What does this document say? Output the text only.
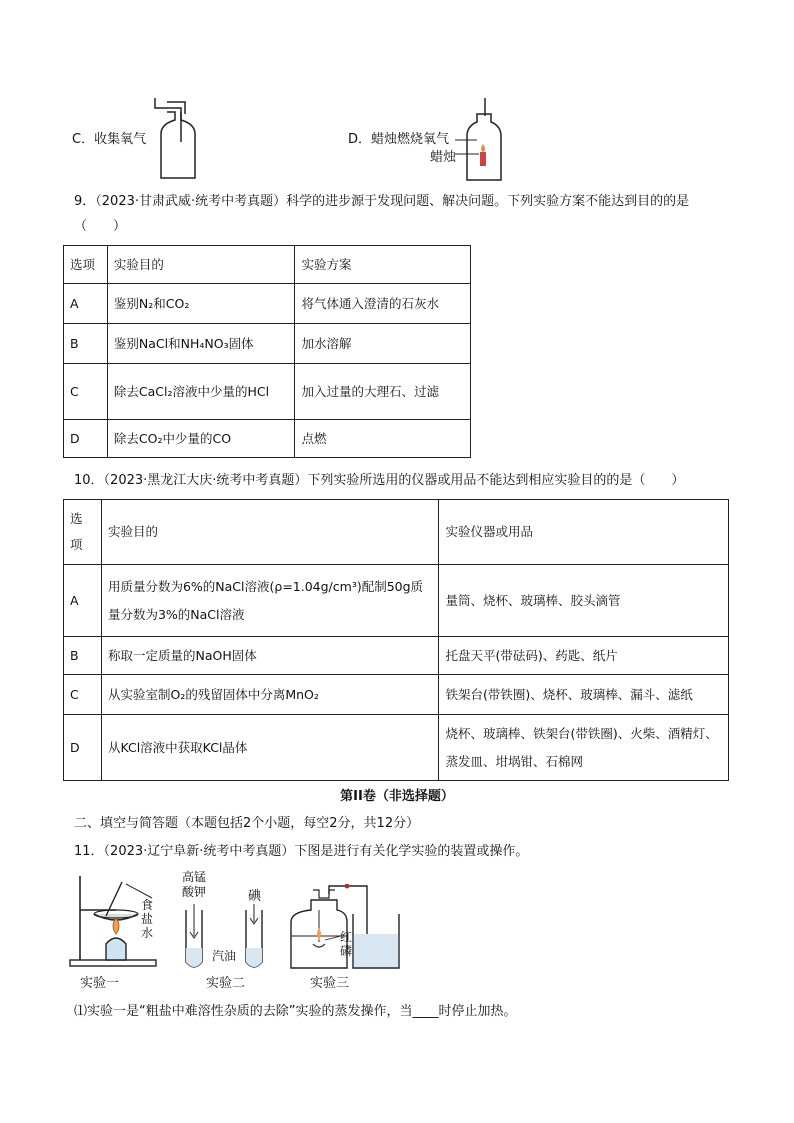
C．收集氧气	D．蜡烛燃烧氧气
蜡烛
9．（2023·甘肃武威·统考中考真题）科学的进步源于发现问题、解决问题。下列实验方案不能达到目的的是
（　　）
选项	实验目的	实验方案
A	鉴别N₂和CO₂	将气体通入澄清的石灰水
B	鉴别NaCl和NH₄NO₃固体	加水溶解
C	除去CaCl₂溶液中少量的HCl	加入过量的大理石、过滤
D	除去CO₂中少量的CO	点燃
10．（2023·黑龙江大庆·统考中考真题）下列实验所选用的仪器或用品不能达到相应实验目的的是（　　）
选项	实验目的	实验仪器或用品
A	用质量分数为6%的NaCl溶液(ρ=1.04g/cm³)配制50g质量分数为3%的NaCl溶液	量筒、烧杯、玻璃棒、胶头滴管
B	称取一定质量的NaOH固体	托盘天平(带砝码)、药匙、纸片
C	从实验室制O₂的残留固体中分离MnO₂	铁架台(带铁圈)、烧杯、玻璃棒、漏斗、滤纸
D	从KCl溶液中获取KCl晶体	烧杯、玻璃棒、铁架台(带铁圈)、火柴、酒精灯、蒸发皿、坩埚钳、石棉网
第II卷（非选择题）
二、填空与简答题（本题包括2个小题，每空2分，共12分）
11．（2023·辽宁阜新·统考中考真题）下图是进行有关化学实验的装置或操作。
食盐水
实验一
高锰酸钾	碘
汽油
实验二
红磷
实验三
⑴实验一是“粗盐中难溶性杂质的去除”实验的蒸发操作，当____时停止加热。
